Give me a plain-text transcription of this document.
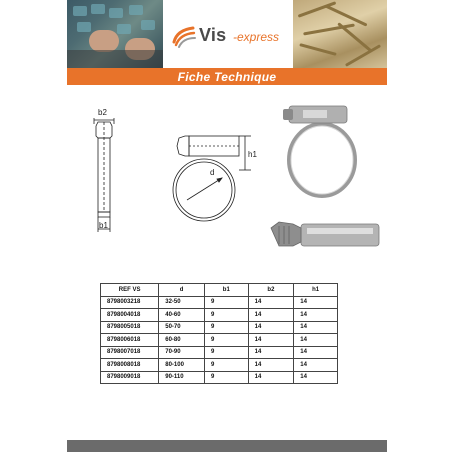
Vis -express
Fiche Technique
b2
b1
h1
d
REF VS	d	b1	b2	h1
8798003218	32-50	9	14	14
8798004018	40-60	9	14	14
8798005018	50-70	9	14	14
8798006018	60-80	9	14	14
8798007018	70-90	9	14	14
8798008018	80-100	9	14	14
8798009018	90-110	9	14	14
